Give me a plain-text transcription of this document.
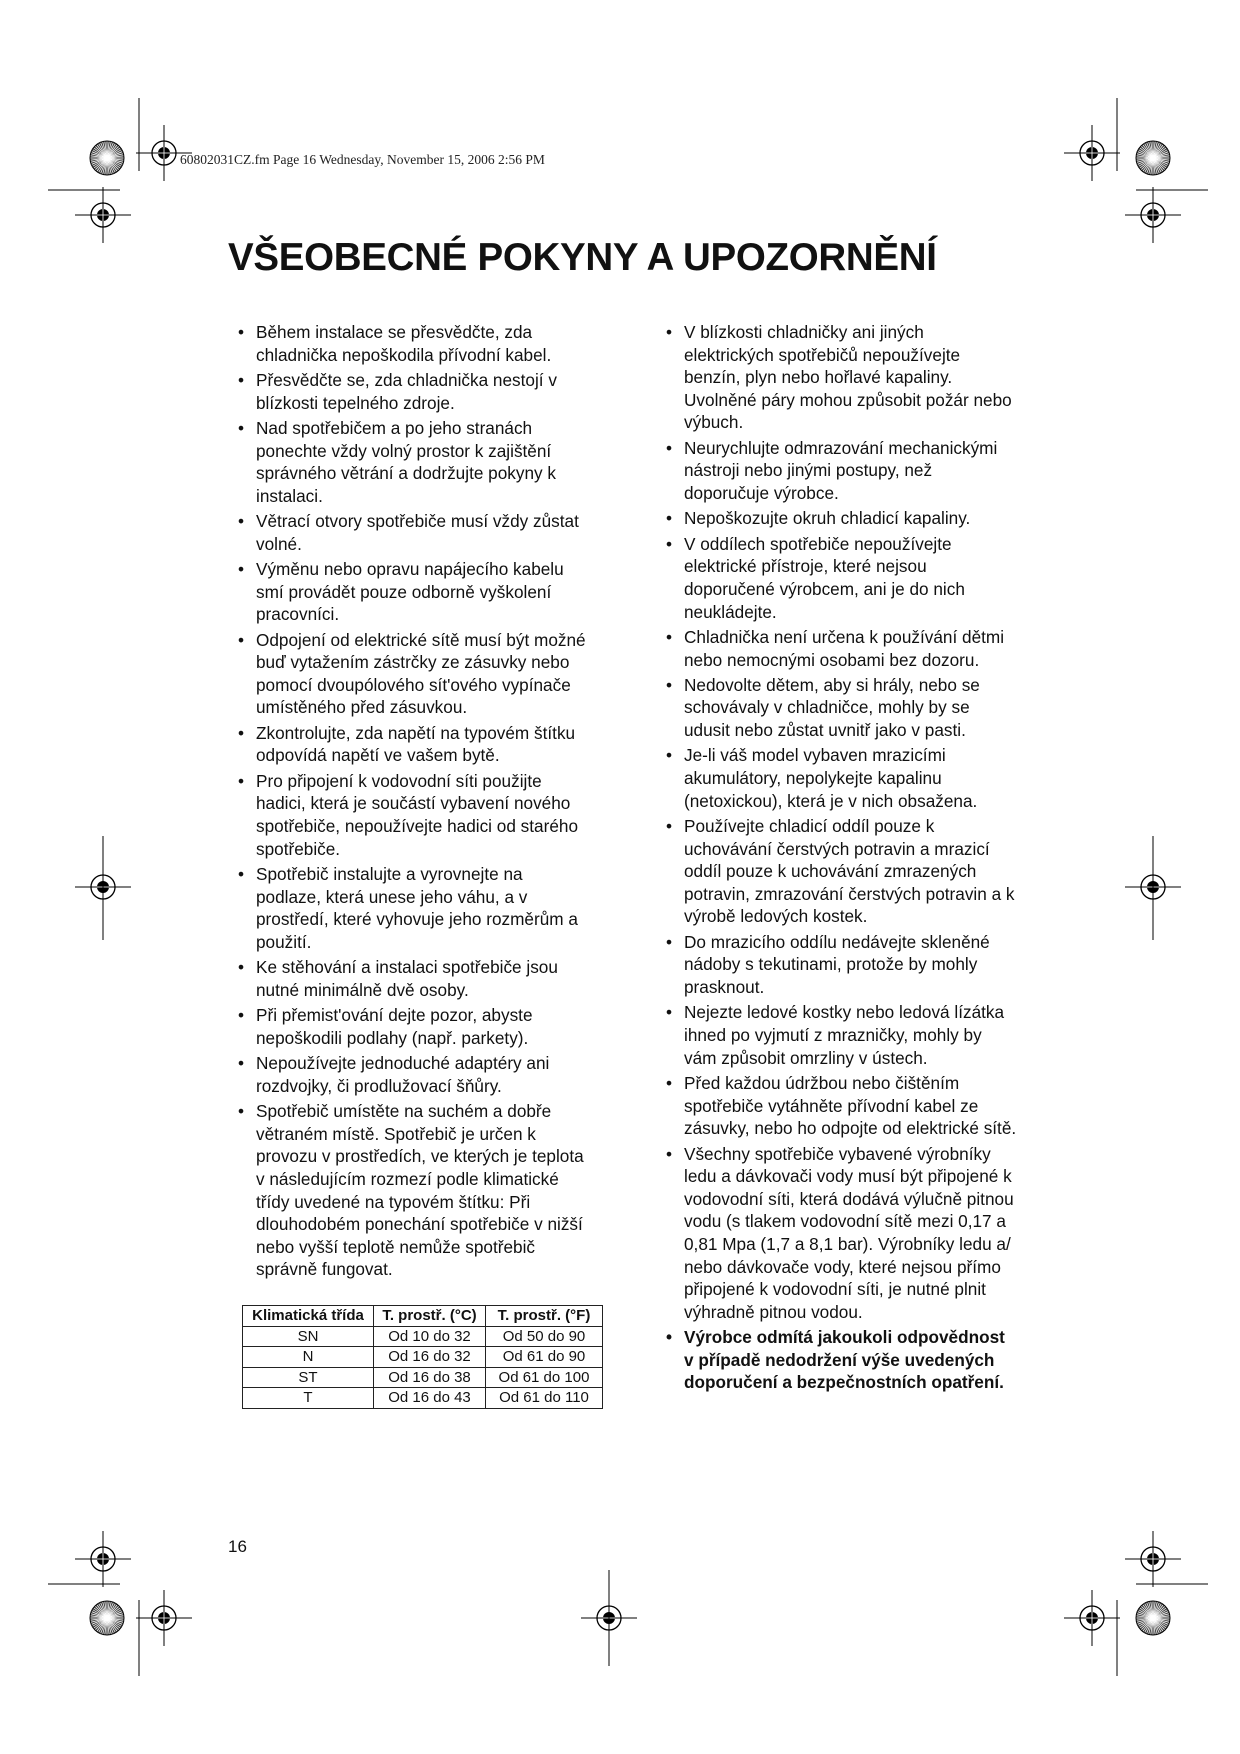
60802031CZ.fm Page 16 Wednesday, November 15, 2006 2:56 PM
VŠEOBECNÉ POKYNY A UPOZORNĚNÍ
• Během instalace se přesvědčte, zda
chladnička nepoškodila přívodní kabel.
• Přesvědčte se, zda chladnička nestojí v
blízkosti tepelného zdroje.
• Nad spotřebičem a po jeho stranách
ponechte vždy volný prostor k zajištění
správného větrání a dodržujte pokyny k
instalaci.
• Větrací otvory spotřebiče musí vždy zůstat
volné.
• Výměnu nebo opravu napájecího kabelu
smí provádět pouze odborně vyškolení
pracovníci.
• Odpojení od elektrické sítě musí být možné
buď vytažením zástrčky ze zásuvky nebo
pomocí dvoupólového sít'ového vypínače
umístěného před zásuvkou.
• Zkontrolujte, zda napětí na typovém štítku
odpovídá napětí ve vašem bytě.
• Pro připojení k vodovodní síti použijte
hadici, která je součástí vybavení nového
spotřebiče, nepoužívejte hadici od starého
spotřebiče.
• Spotřebič instalujte a vyrovnejte na
podlaze, která unese jeho váhu, a v
prostředí, které vyhovuje jeho rozměrům a
použití.
• Ke stěhování a instalaci spotřebiče jsou
nutné minimálně dvě osoby.
• Při přemist'ování dejte pozor, abyste
nepoškodili podlahy (např. parkety).
• Nepoužívejte jednoduché adaptéry ani
rozdvojky, či prodlužovací šňůry.
• Spotřebič umístěte na suchém a dobře
větraném místě. Spotřebič je určen k
provozu v prostředích, ve kterých je teplota
v následujícím rozmezí podle klimatické
třídy uvedené na typovém štítku: Při
dlouhodobém ponechání spotřebiče v nižší
nebo vyšší teplotě nemůže spotřebič
správně fungovat.
Klimatická třída	T. prostř. (°C)	T. prostř. (°F)
SN	Od 10 do 32	Od 50 do 90
N	Od 16 do 32	Od 61 do 90
ST	Od 16 do 38	Od 61 do 100
T	Od 16 do 43	Od 61 do 110
• V blízkosti chladničky ani jiných
elektrických spotřebičů nepoužívejte
benzín, plyn nebo hořlavé kapaliny.
Uvolněné páry mohou způsobit požár nebo
výbuch.
• Neurychlujte odmrazování mechanickými
nástroji nebo jinými postupy, než
doporučuje výrobce.
• Nepoškozujte okruh chladicí kapaliny.
• V oddílech spotřebiče nepoužívejte
elektrické přístroje, které nejsou
doporučené výrobcem, ani je do nich
neukládejte.
• Chladnička není určena k používání dětmi
nebo nemocnými osobami bez dozoru.
• Nedovolte dětem, aby si hrály, nebo se
schovávaly v chladničce, mohly by se
udusit nebo zůstat uvnitř jako v pasti.
• Je-li váš model vybaven mrazicími
akumulátory, nepolykejte kapalinu
(netoxickou), která je v nich obsažena.
• Používejte chladicí oddíl pouze k
uchovávání čerstvých potravin a mrazicí
oddíl pouze k uchovávání zmrazených
potravin, zmrazování čerstvých potravin a k
výrobě ledových kostek.
• Do mrazicího oddílu nedávejte skleněné
nádoby s tekutinami, protože by mohly
prasknout.
• Nejezte ledové kostky nebo ledová lízátka
ihned po vyjmutí z mrazničky, mohly by
vám způsobit omrzliny v ústech.
• Před každou údržbou nebo čištěním
spotřebiče vytáhněte přívodní kabel ze
zásuvky, nebo ho odpojte od elektrické sítě.
• Všechny spotřebiče vybavené výrobníky
ledu a dávkovači vody musí být připojené k
vodovodní síti, která dodává výlučně pitnou
vodu (s tlakem vodovodní sítě mezi 0,17 a
0,81 Mpa (1,7 a 8,1 bar). Výrobníky ledu a/
nebo dávkovače vody, které nejsou přímo
připojené k vodovodní síti, je nutné plnit
výhradně pitnou vodou.
• Výrobce odmítá jakoukoli odpovědnost
v případě nedodržení výše uvedených
doporučení a bezpečnostních opatření.
16
